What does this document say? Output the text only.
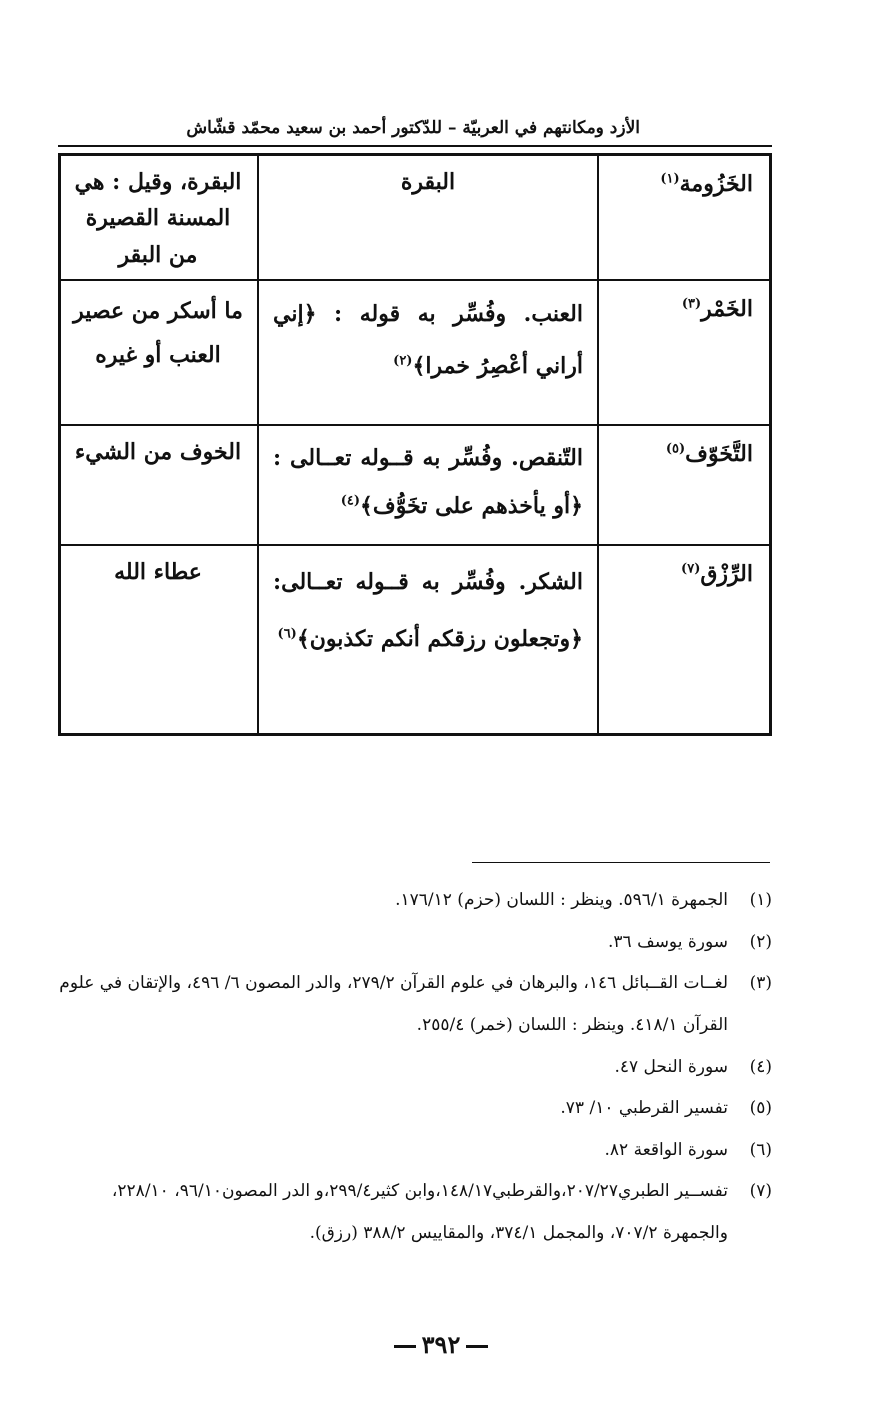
الأزد ومكانتهم في العربيّة – للدّكتور أحمد بن سعيد محمّد قشّاش
الخَزُومة$^{(١)}$	البقرة	البقرة، وقيل : هي المسنة القصيرة من البقر
الخَمْر$^{(٣)}$	العنب. وفُسِّر به قوله : ﴿إني أراني أعْصِرُ خمرا﴾$^{(٢)}$	ما أسكر من عصير العنب أو غيره
التَّخَوّف$^{(٥)}$	التّنقص. وفُسِّر به قــوله تعــالى : ﴿أو يأخذهم على تخَوُّف﴾$^{(٤)}$	الخوف من الشيء
الرِّزْق$^{(٧)}$	الشكر. وفُسِّر به قــوله تعــالى: ﴿وتجعلون رزقكم أنكم تكذبون﴾$^{(٦)}$	عطاء الله
(١)
الجمهرة ٥٩٦/١. وينظر : اللسان (حزم) ١٧٦/١٢.
(٢)
سورة يوسف ٣٦.
(٣)
لغــات القــبائل ١٤٦، والبرهان في علوم القرآن ٢٧٩/٢، والدر المصون ٦/ ٤٩٦، والإتقان في علوم القرآن ٤١٨/١. وينظر : اللسان (خمر) ٢٥٥/٤.
(٤)
سورة النحل ٤٧.
(٥)
تفسير القرطبي ١٠/ ٧٣.
(٦)
سورة الواقعة ٨٢.
(٧)
تفســير الطبري٢٠٧/٢٧،والقرطبي١٤٨/١٧،وابن كثير٢٩٩/٤،و الدر المصون٩٦/١٠، ٢٢٨/١٠، والجمهرة ٧٠٧/٢، والمجمل ٣٧٤/١، والمقاييس ٣٨٨/٢ (رزق).
٣٩٢
